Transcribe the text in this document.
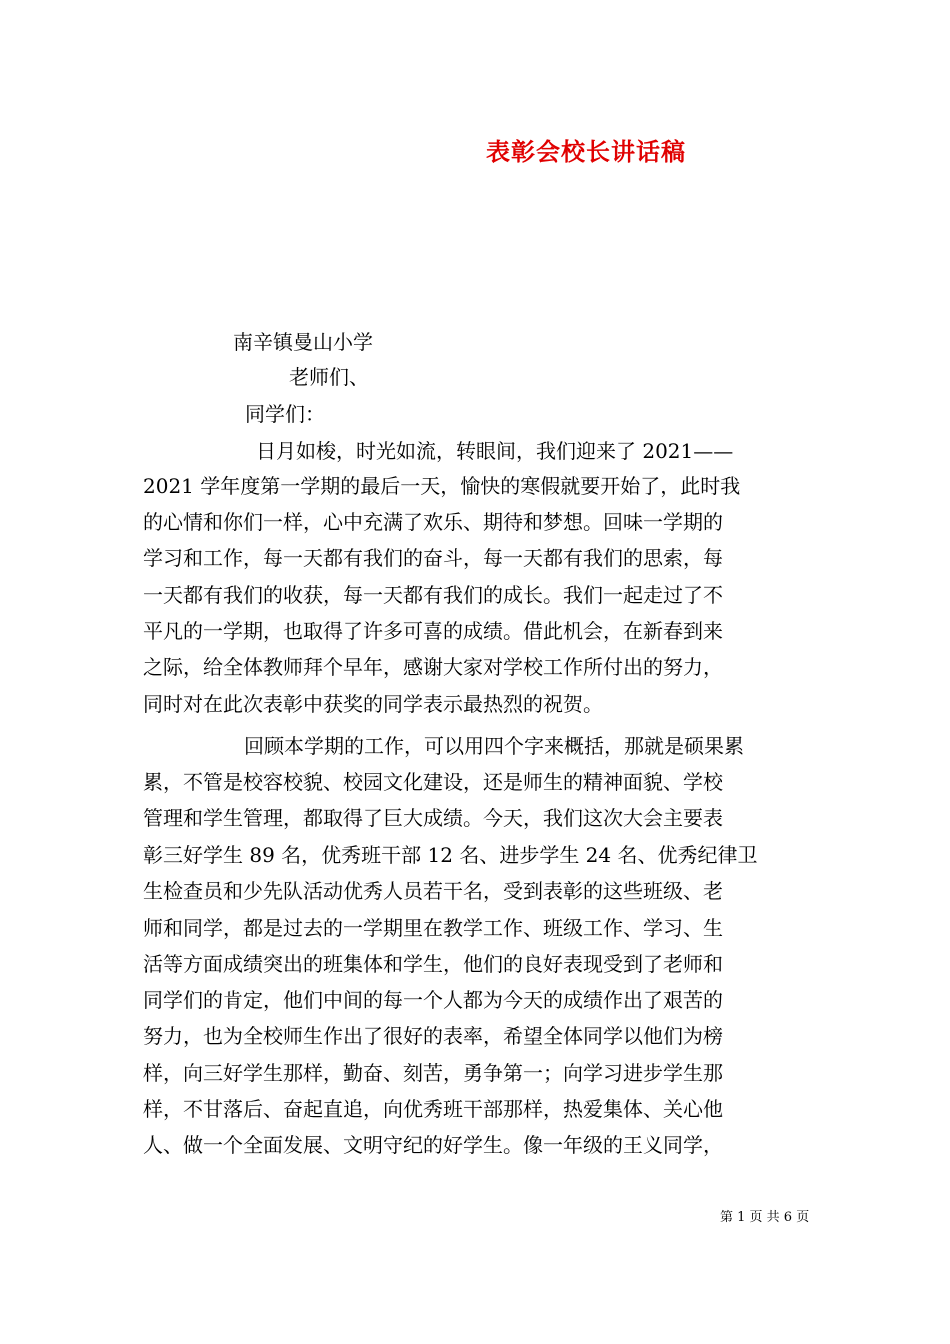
表彰会校长讲话稿
南辛镇曼山小学
老师们、
同学们：
日月如梭，时光如流，转眼间，我们迎来了 2021——
2021 学年度第一学期的最后一天，愉快的寒假就要开始了，此时我
的心情和你们一样，心中充满了欢乐、期待和梦想。回味一学期的
学习和工作，每一天都有我们的奋斗，每一天都有我们的思索，每
一天都有我们的收获，每一天都有我们的成长。我们一起走过了不
平凡的一学期，也取得了许多可喜的成绩。借此机会，在新春到来
之际，给全体教师拜个早年，感谢大家对学校工作所付出的努力，
同时对在此次表彰中获奖的同学表示最热烈的祝贺。
回顾本学期的工作，可以用四个字来概括，那就是硕果累
累，不管是校容校貌、校园文化建设，还是师生的精神面貌、学校
管理和学生管理，都取得了巨大成绩。今天，我们这次大会主要表
彰三好学生 89 名，优秀班干部 12 名、进步学生 24 名、优秀纪律卫
生检查员和少先队活动优秀人员若干名，受到表彰的这些班级、老
师和同学，都是过去的一学期里在教学工作、班级工作、学习、生
活等方面成绩突出的班集体和学生，他们的良好表现受到了老师和
同学们的肯定，他们中间的每一个人都为今天的成绩作出了艰苦的
努力，也为全校师生作出了很好的表率，希望全体同学以他们为榜
样，向三好学生那样，勤奋、刻苦，勇争第一；向学习进步学生那
样，不甘落后、奋起直追，向优秀班干部那样，热爱集体、关心他
人、做一个全面发展、文明守纪的好学生。像一年级的王义同学，
第 1 页 共 6 页
